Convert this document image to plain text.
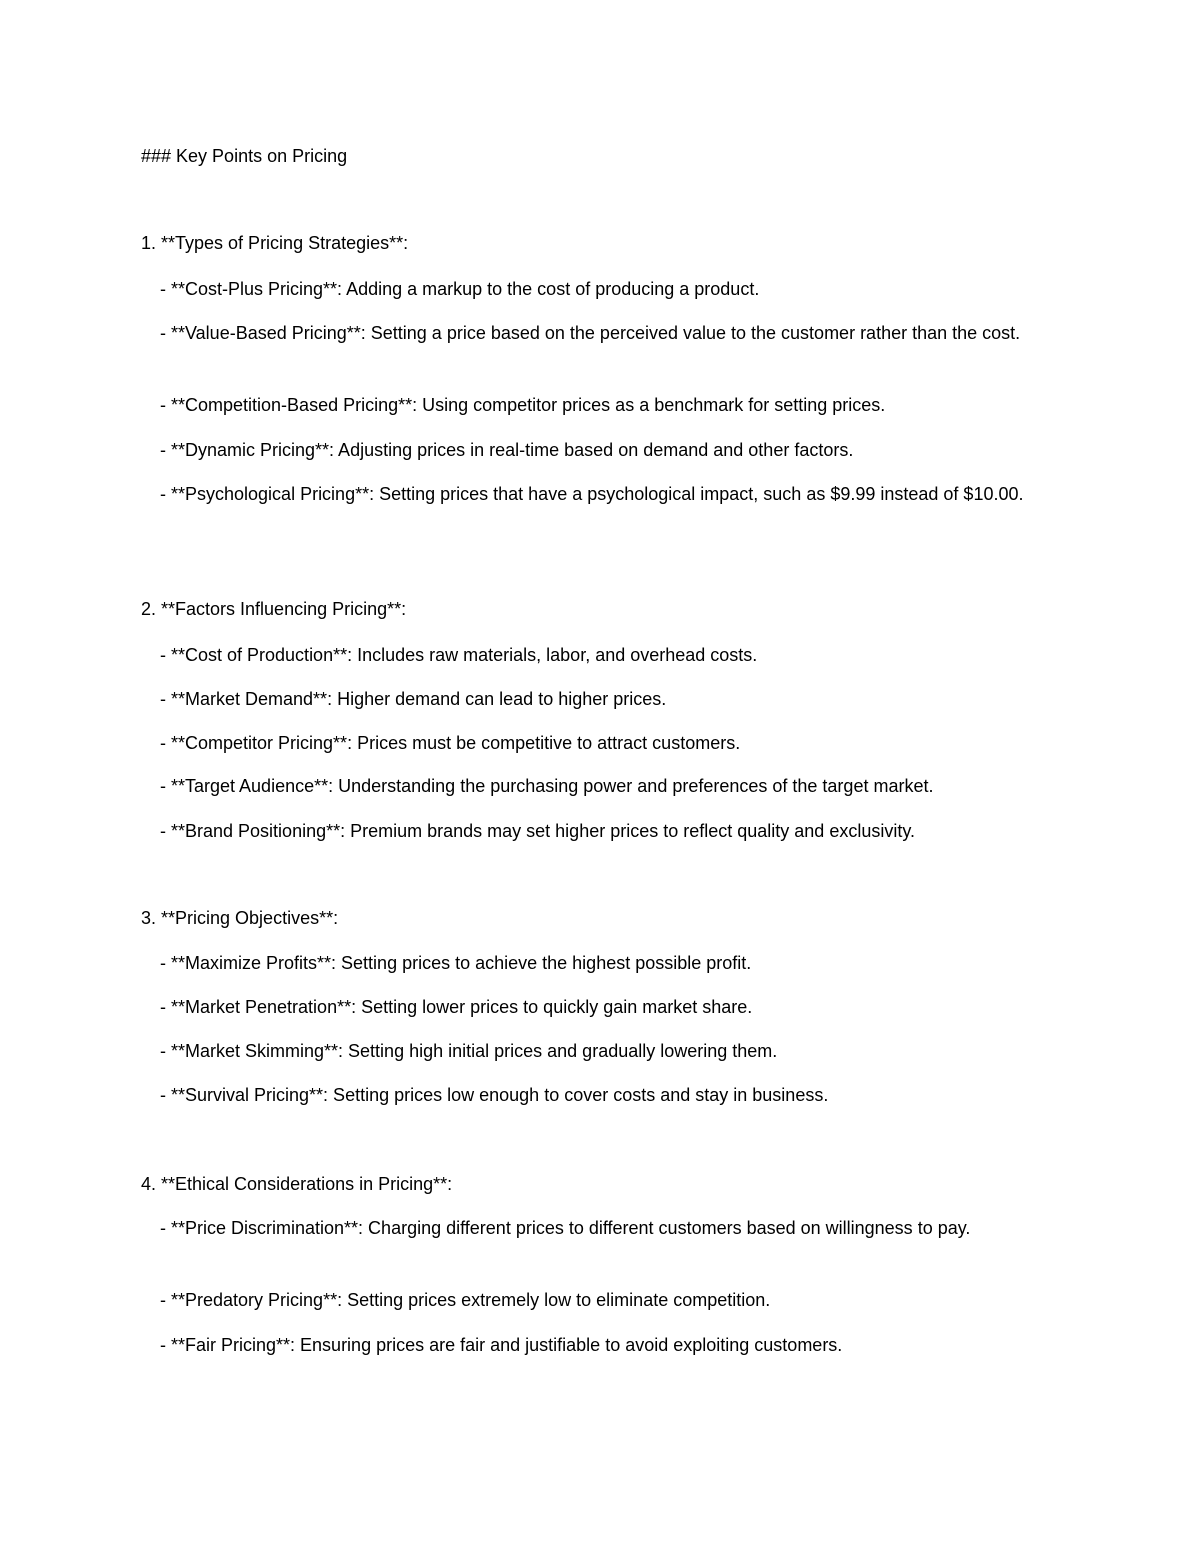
### Key Points on Pricing
1. **Types of Pricing Strategies**:
- **Cost-Plus Pricing**: Adding a markup to the cost of producing a product.
- **Value-Based Pricing**: Setting a price based on the perceived value to the customer rather than the cost.
- **Competition-Based Pricing**: Using competitor prices as a benchmark for setting prices.
- **Dynamic Pricing**: Adjusting prices in real-time based on demand and other factors.
- **Psychological Pricing**: Setting prices that have a psychological impact, such as $9.99 instead of $10.00.
2. **Factors Influencing Pricing**:
- **Cost of Production**: Includes raw materials, labor, and overhead costs.
- **Market Demand**: Higher demand can lead to higher prices.
- **Competitor Pricing**: Prices must be competitive to attract customers.
- **Target Audience**: Understanding the purchasing power and preferences of the target market.
- **Brand Positioning**: Premium brands may set higher prices to reflect quality and exclusivity.
3. **Pricing Objectives**:
- **Maximize Profits**: Setting prices to achieve the highest possible profit.
- **Market Penetration**: Setting lower prices to quickly gain market share.
- **Market Skimming**: Setting high initial prices and gradually lowering them.
- **Survival Pricing**: Setting prices low enough to cover costs and stay in business.
4. **Ethical Considerations in Pricing**:
- **Price Discrimination**: Charging different prices to different customers based on willingness to pay.
- **Predatory Pricing**: Setting prices extremely low to eliminate competition.
- **Fair Pricing**: Ensuring prices are fair and justifiable to avoid exploiting customers.
